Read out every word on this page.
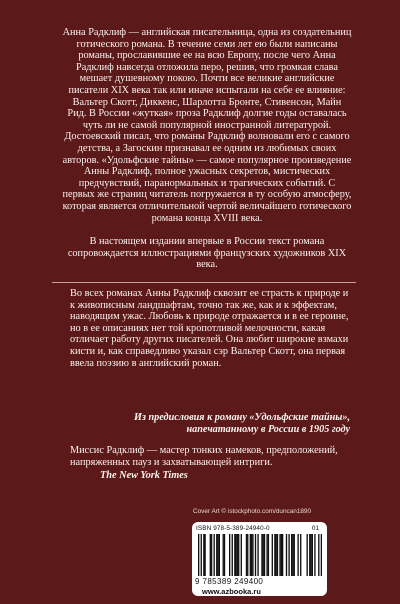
Анна Радклиф — английская писательница, одна из создательниц готического романа. В течение семи лет ею были написаны романы, прославившие ее на всю Европу, после чего Анна Радклиф навсегда отложила перо, решив, что громкая слава мешает душевному покою. Почти все великие английские писатели XIX века так или иначе испытали на себе ее влияние: Вальтер Скотт, Диккенс, Шарлотта Бронте, Стивенсон, Майн Рид. В России «жуткая» проза Радклиф долгие годы оставалась чуть ли не самой популярной иностранной литературой. Достоевский писал, что романы Радклиф волновали его с самого детства, а Загоскин признавал ее одним из любимых своих авторов. «Удольфские тайны» — самое популярное произведение Анны Радклиф, полное ужасных секретов, мистических предчувствий, паранормальных и трагических событий. С первых же страниц читатель погружается в ту особую атмосферу, которая является отличительной чертой величайшего готического романа конца XVIII века.
В настоящем издании впервые в России текст романа сопровождается иллюстрациями французских художников XIX века.
Во всех романах Анны Радклиф сквозит ее страсть к природе и к живописным ландшафтам, точно так же, как и к эффектам, наводящим ужас. Любовь к природе отражается и в ее героине, но в ее описаниях нет той кропотливой мелочности, какая отличает работу других писателей. Она любит широкие взмахи кисти и, как справедливо указал сэр Вальтер Скотт, она первая ввела поэзию в английский роман.
Из предисловия к роману «Удольфские тайны», напечатанному в России в 1905 году
Миссис Радклиф — мастер тонких намеков, предположений, напряженных пауз и захватывающей интриги.
The New York Times
Cover Art © istockphoto.com/duncan1890
ISBN 978-5-389-24940-0	01
9 785389 249400
www.azbooka.ru
